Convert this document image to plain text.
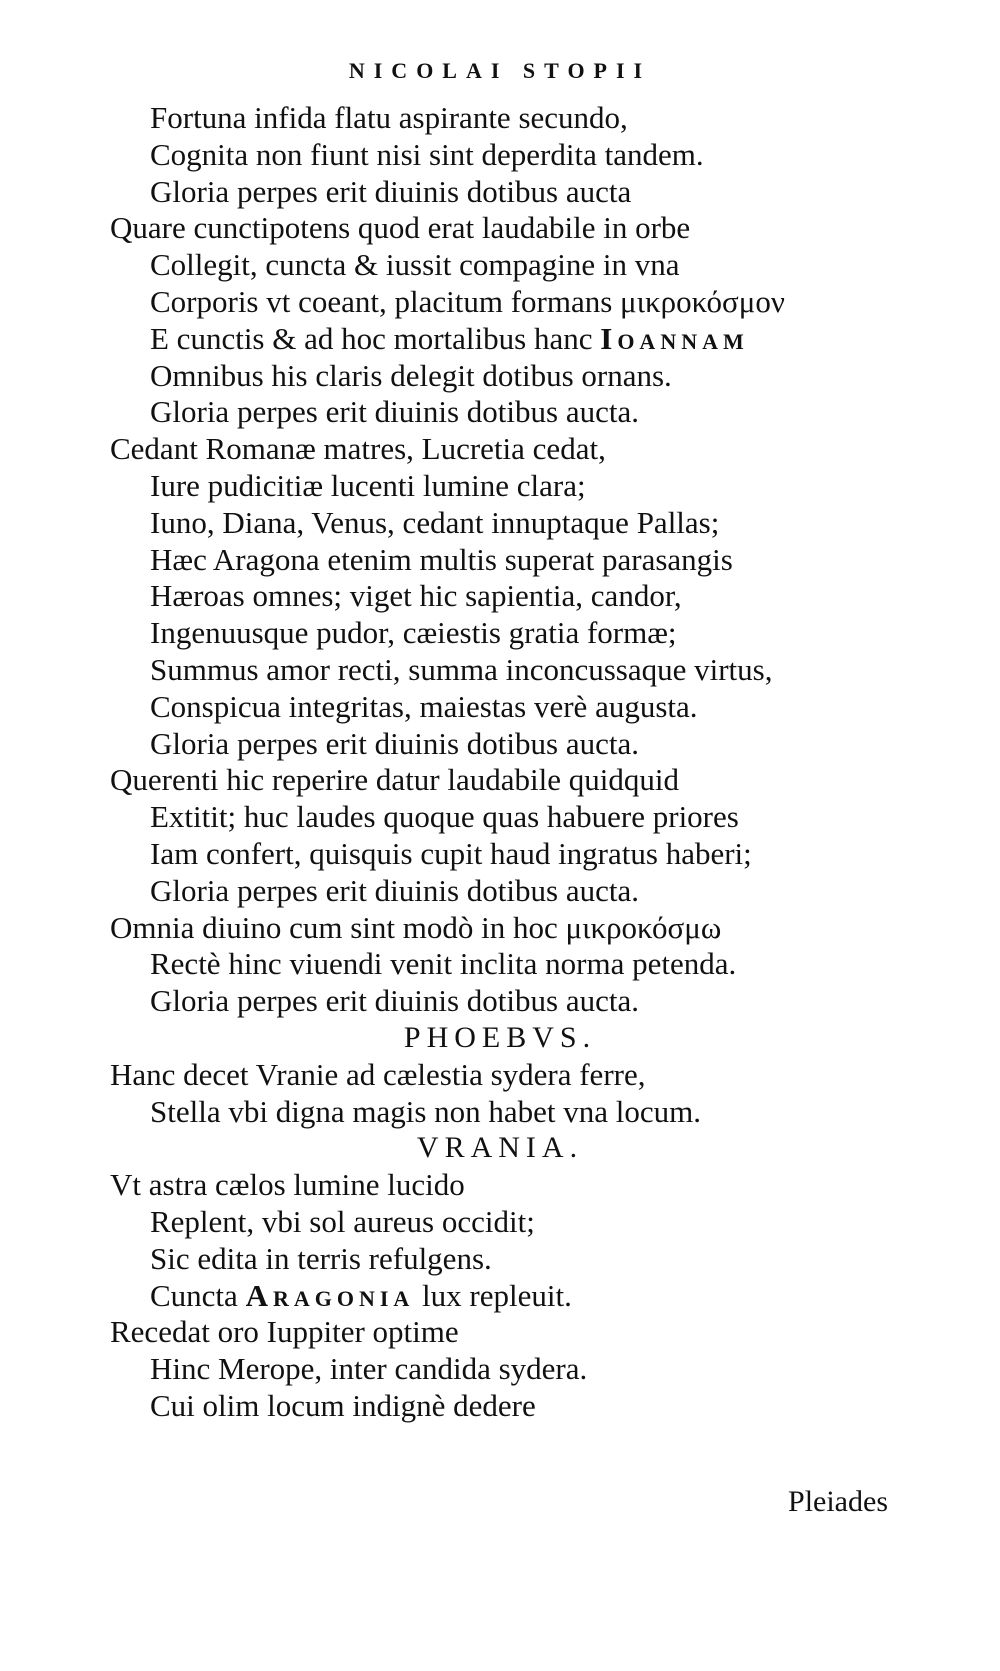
NICOLAI STOPII
Fortuna infida flatu aspirante secundo,
Cognita non fiunt nisi sint deperdita tandem.
Gloria perpes erit diuinis dotibus aucta
Quare cunctipotens quod erat laudabile in orbe
Collegit, cuncta & iussit compagine in vna
Corporis vt coeant, placitum formans μικροκόσμον
E cunctis & ad hoc mortalibus hanc Ioannam
Omnibus his claris delegit dotibus ornans.
Gloria perpes erit diuinis dotibus aucta.
Cedant Romanæ matres, Lucretia cedat,
Iure pudicitiæ lucenti lumine clara;
Iuno, Diana, Venus, cedant innuptaque Pallas;
Hæc Aragona etenim multis superat parasangis
Hæroas omnes; viget hic sapientia, candor,
Ingenuusque pudor, cæiestis gratia formæ;
Summus amor recti, summa inconcussaque virtus,
Conspicua integritas, maiestas verè augusta.
Gloria perpes erit diuinis dotibus aucta.
Querenti hic reperire datur laudabile quidquid
Extitit; huc laudes quoque quas habuere priores
Iam confert, quisquis cupit haud ingratus haberi;
Gloria perpes erit diuinis dotibus aucta.
Omnia diuino cum sint modò in hoc μικροκόσμω
Rectè hinc viuendi venit inclita norma petenda.
Gloria perpes erit diuinis dotibus aucta.
PHOEBVS.
Hanc decet Vranie ad cælestia sydera ferre,
Stella vbi digna magis non habet vna locum.
VRANIA.
Vt astra cælos lumine lucido
Replent, vbi sol aureus occidit;
Sic edita in terris refulgens.
Cuncta Aragonia lux repleuit.
Recedat oro Iuppiter optime
Hinc Merope, inter candida sydera.
Cui olim locum indignè dedere
Pleiades
